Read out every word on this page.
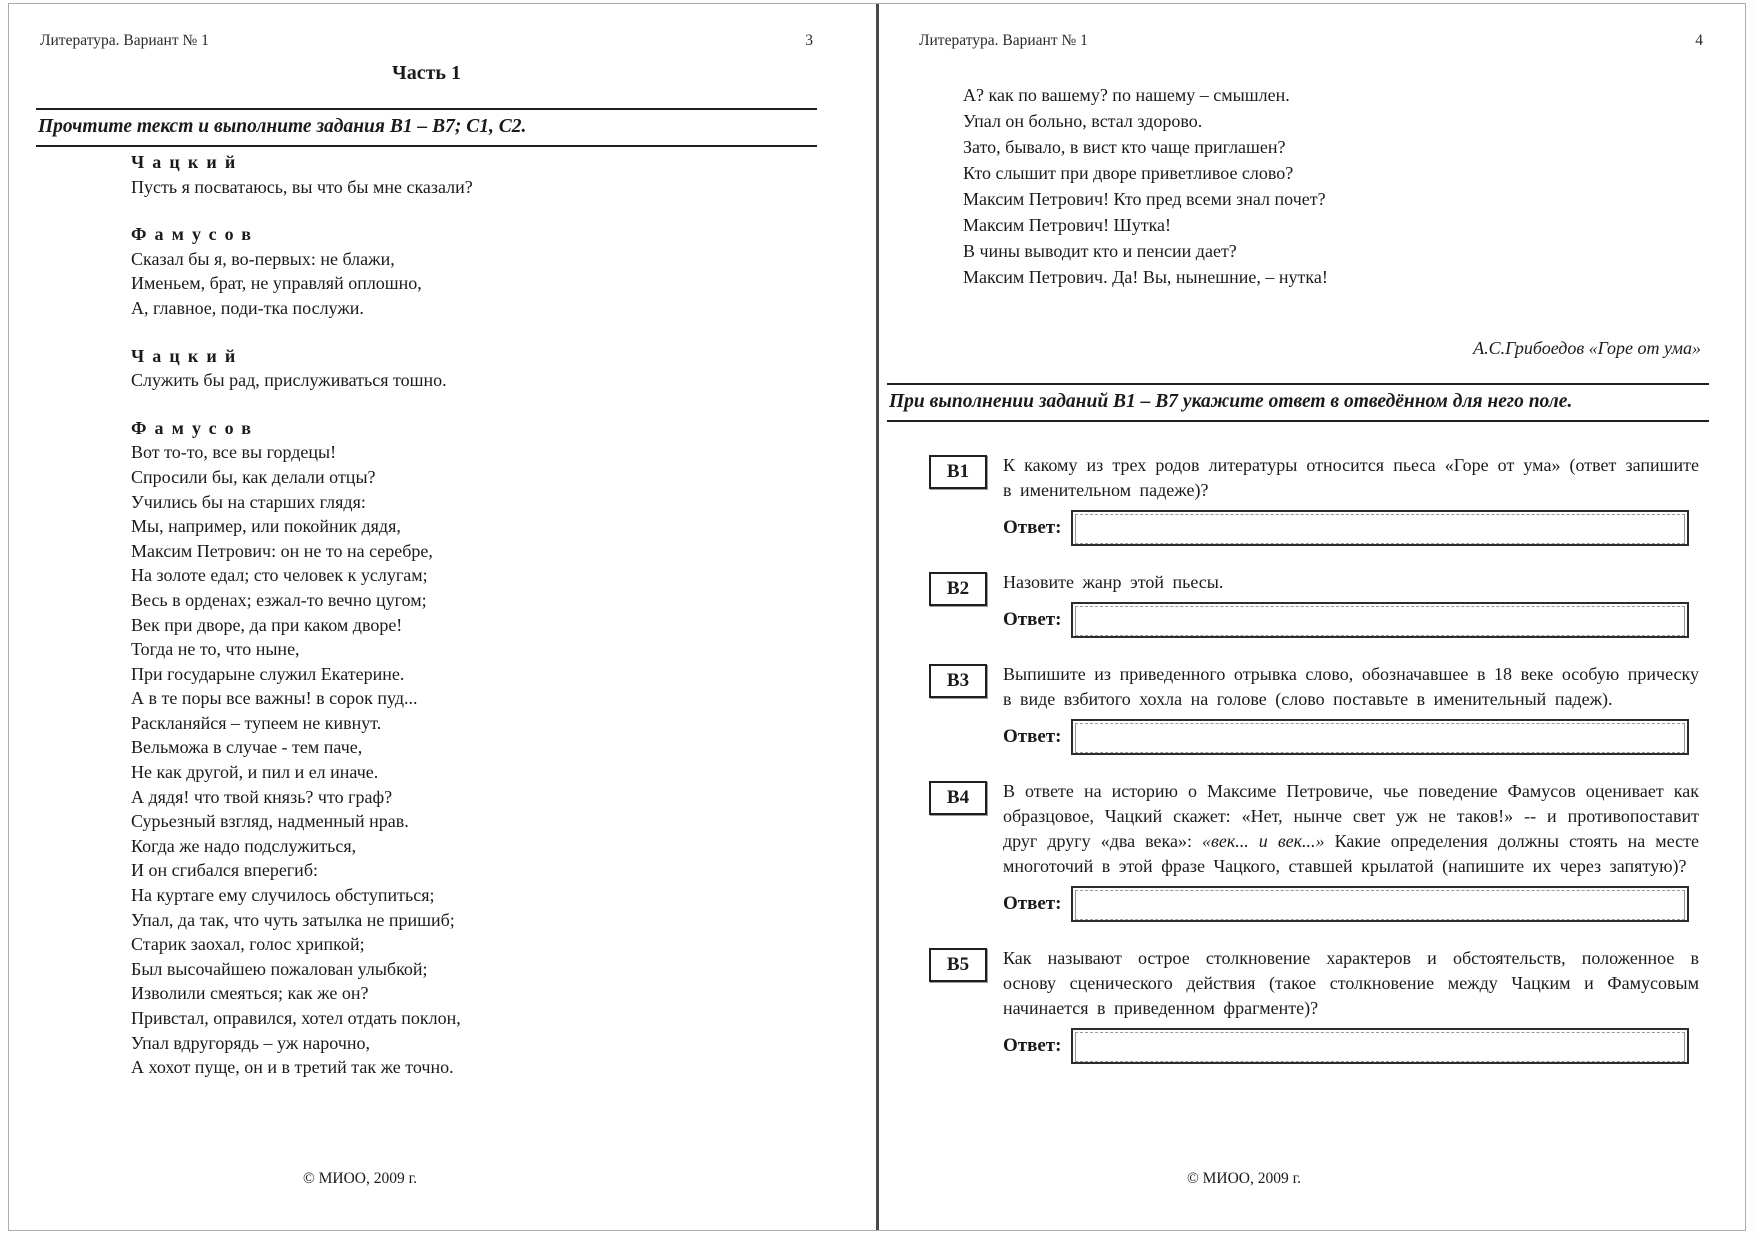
3
Литература. Вариант № 1
Часть 1
Прочтите текст и выполните задания В1 – В7; С1, С2.
Чацкий
Пусть я посватаюсь, вы что бы мне сказали?
Фамусов
Сказал бы я, во-первых: не блажи,
Именьем, брат, не управляй оплошно,
А, главное, поди-тка послужи.
Чацкий
Служить бы рад, прислуживаться тошно.
Фамусов
Вот то-то, все вы гордецы!
Спросили бы, как делали отцы?
Учились бы на старших глядя:
Мы, например, или покойник дядя,
Максим Петрович: он не то на серебре,
На золоте едал; сто человек к услугам;
Весь в орденах; езжал-то вечно цугом;
Век при дворе, да при каком дворе!
Тогда не то, что ныне,
При государыне служил Екатерине.
А в те поры все важны! в сорок пуд...
Раскланяйся – тупеем не кивнут.
Вельможа в случае - тем паче,
Не как другой, и пил и ел иначе.
А дядя! что твой князь? что граф?
Сурьезный взгляд, надменный нрав.
Когда же надо подслужиться,
И он сгибался вперегиб:
На куртаге ему случилось обступиться;
Упал, да так, что чуть затылка не пришиб;
Старик заохал, голос хрипкой;
Был высочайшею пожалован улыбкой;
Изволили смеяться; как же он?
Привстал, оправился, хотел отдать поклон,
Упал вдругорядь – уж нарочно,
А хохот пуще, он и в третий так же точно.
© МИОО, 2009 г.
4
Литература. Вариант № 1
А? как по вашему? по нашему – смышлен.
Упал он больно, встал здорово.
Зато, бывало, в вист кто чаще приглашен?
Кто слышит при дворе приветливое слово?
Максим Петрович! Кто пред всеми знал почет?
Максим Петрович! Шутка!
В чины выводит кто и пенсии дает?
Максим Петрович. Да! Вы, нынешние, – нутка!
А.С.Грибоедов «Горе от ума»
При выполнении заданий В1 – В7 укажите ответ в отведённом для него поле.
В1	К какому из трех родов литературы относится пьеса «Горе от ума» (ответ запишите в именительном падеже)?

Ответ:
В2	Назовите жанр этой пьесы.

Ответ:
В3	Выпишите из приведенного отрывка слово, обозначавшее в 18 веке особую прическу в виде взбитого хохла на голове (слово поставьте в именительный падеж).

Ответ:
В4	В ответе на историю о Максиме Петровиче, чье поведение Фамусов оценивает как образцовое, Чацкий скажет: «Нет, нынче свет уж не таков!» -- и противопоставит друг другу «два века»: «век... и век...» Какие определения должны стоять на месте многоточий в этой фразе Чацкого, ставшей крылатой (напишите их через запятую)?

Ответ:
В5	Как называют острое столкновение характеров и обстоятельств, положенное в основу сценического действия (такое столкновение между Чацким и Фамусовым начинается в приведенном фрагменте)?

Ответ:
© МИОО, 2009 г.
